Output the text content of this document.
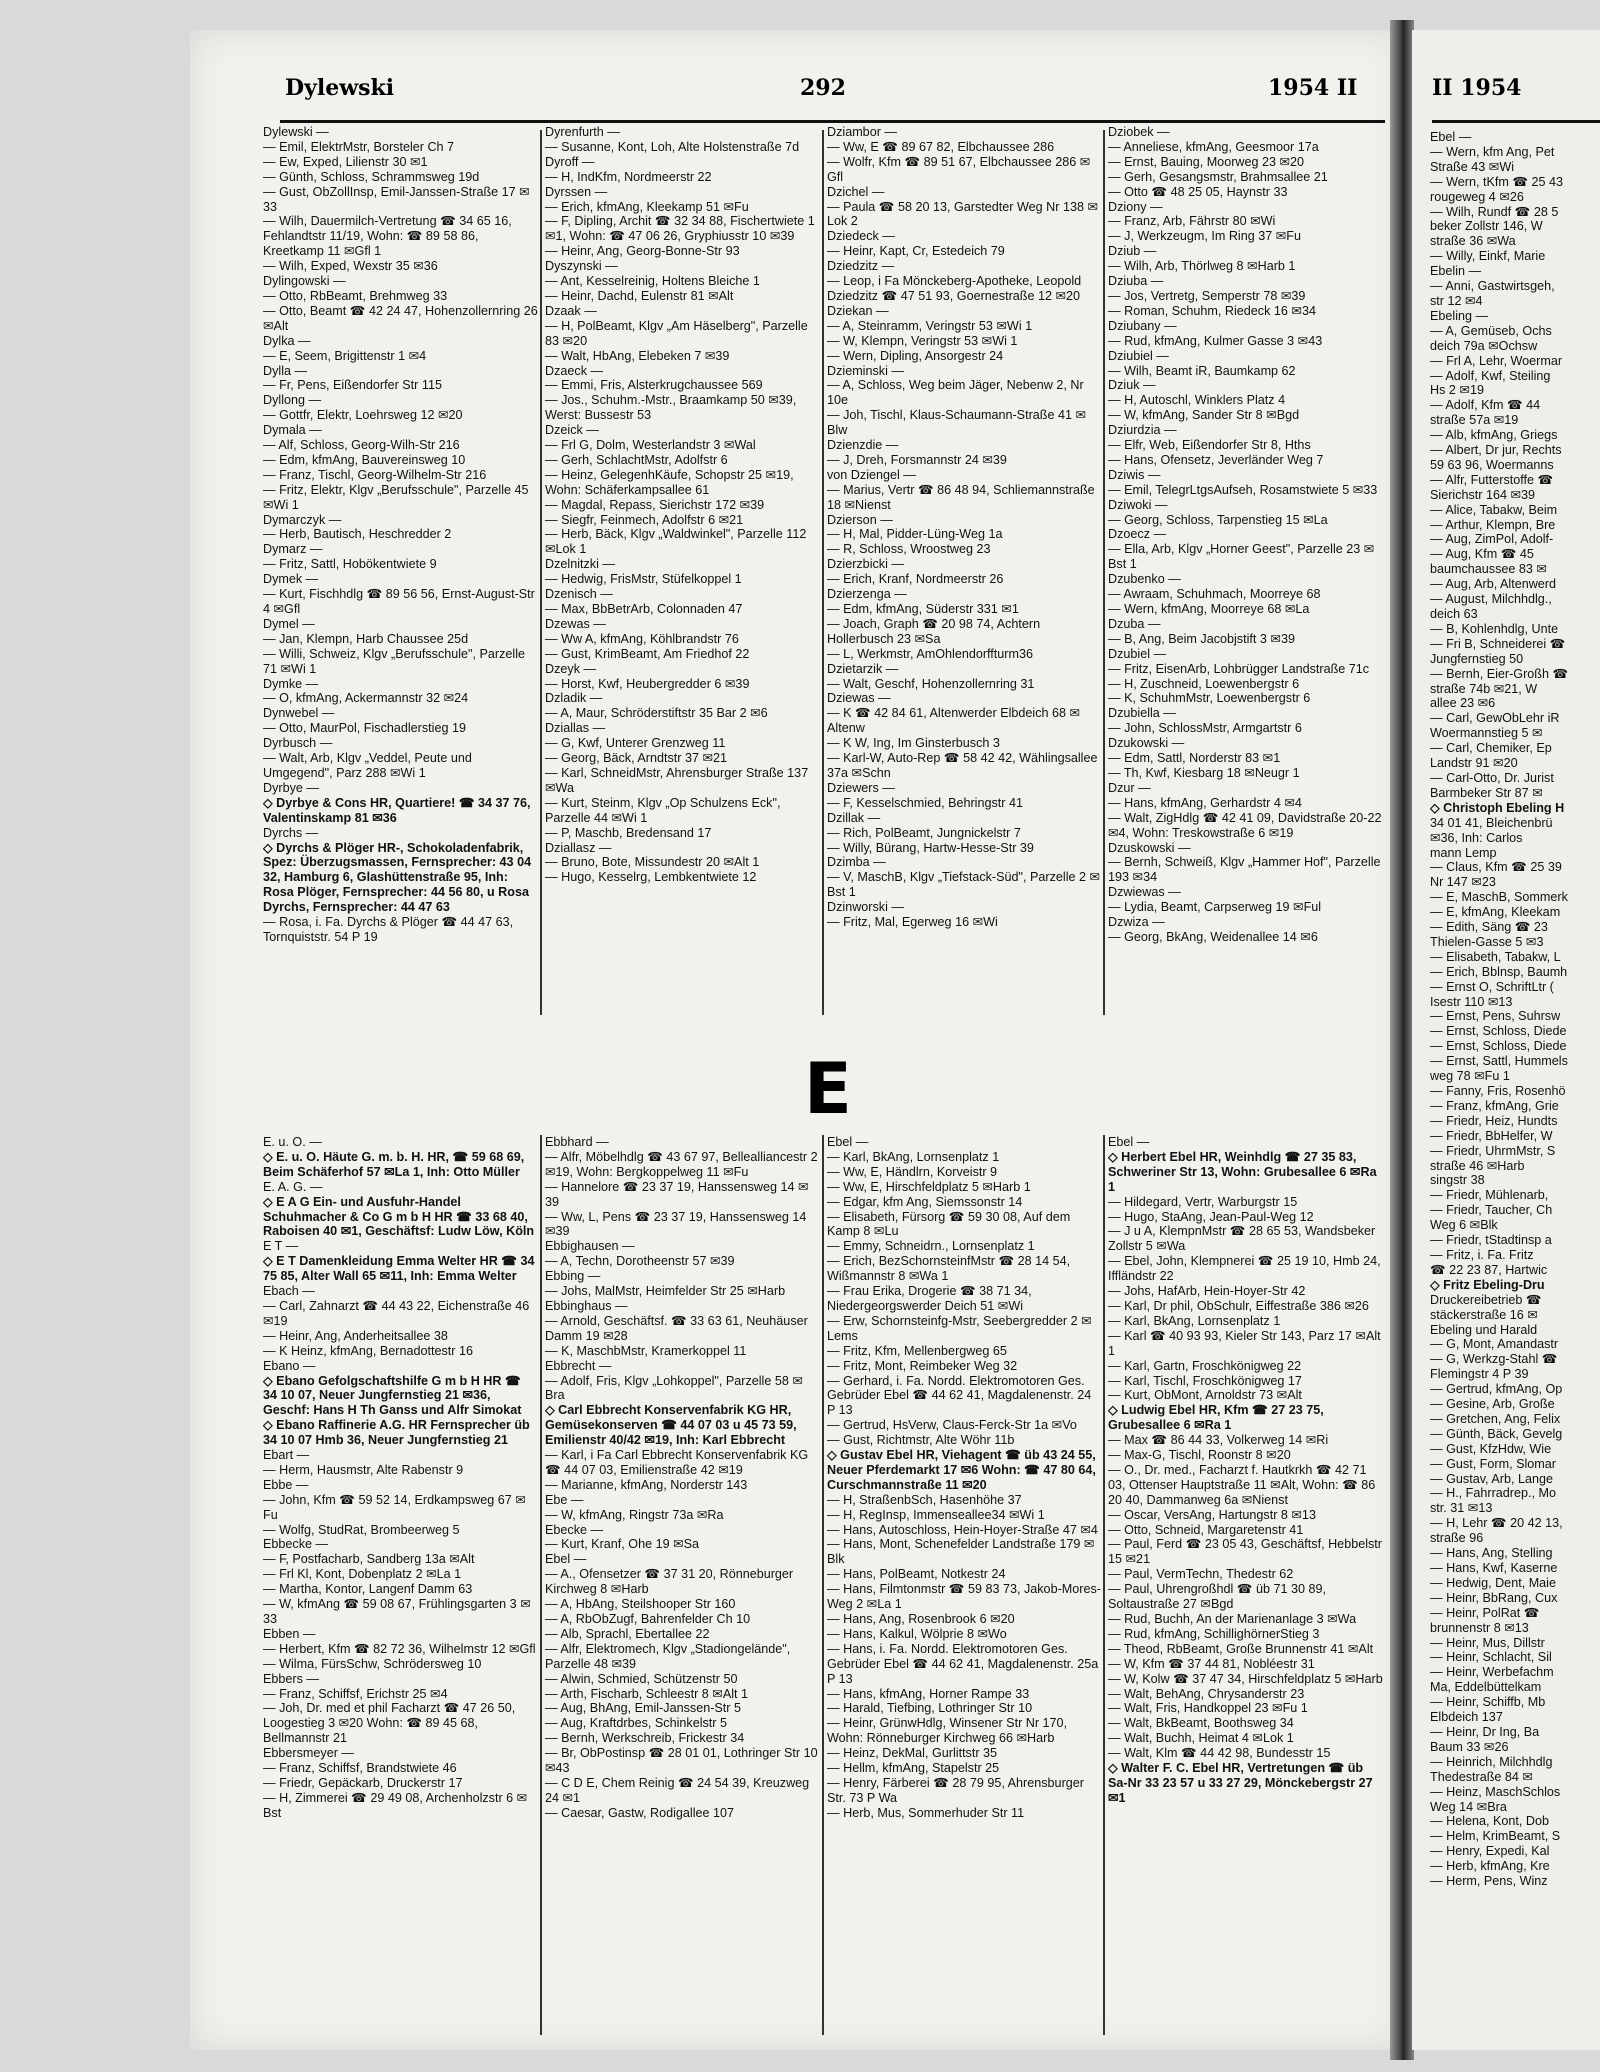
Dylewski	292	1954 II
Dylewski —
— Emil, ElektrMstr, Borsteler Ch 7
— Ew, Exped, Lilienstr 30 ✉1
— Günth, Schloss, Schrammsweg 19d
— Gust, ObZollInsp, Emil-Janssen-Straße 17 ✉33
— Wilh, Dauermilch-Vertretung ☎ 34 65 16, Fehlandtstr 11/19, Wohn: ☎ 89 58 86, Kreetkamp 11 ✉Gfl 1
— Wilh, Exped, Wexstr 35 ✉36
Dylingowski —
— Otto, RbBeamt, Brehmweg 33
— Otto, Beamt ☎ 42 24 47, Hohenzollernring 26 ✉Alt
Dylka —
— E, Seem, Brigittenstr 1 ✉4
Dylla —
— Fr, Pens, Eißendorfer Str 115
Dyllong —
— Gottfr, Elektr, Loehrsweg 12 ✉20
Dymala —
— Alf, Schloss, Georg-Wilh-Str 216
— Edm, kfmAng, Bauvereinsweg 10
— Franz, Tischl, Georg-Wilhelm-Str 216
— Fritz, Elektr, Klgv „Berufsschule", Parzelle 45 ✉Wi 1
Dymarczyk —
— Herb, Bautisch, Heschredder 2
Dymarz —
— Fritz, Sattl, Hobökentwiete 9
Dymek —
— Kurt, Fischhdlg ☎ 89 56 56, Ernst-August-Str 4 ✉Gfl
Dymel —
— Jan, Klempn, Harb Chaussee 25d
— Willi, Schweiz, Klgv „Berufsschule", Parzelle 71 ✉Wi 1
Dymke —
— O, kfmAng, Ackermannstr 32 ✉24
Dynwebel —
— Otto, MaurPol, Fischadlerstieg 19
Dyrbusch —
— Walt, Arb, Klgv „Veddel, Peute und Umgegend", Parz 288 ✉Wi 1
Dyrbye —
◇ Dyrbye & Cons HR, Quartiere! ☎ 34 37 76, Valentinskamp 81 ✉36
Dyrchs —
◇ Dyrchs & Plöger HR-, Schokoladenfabrik, Spez: Überzugsmassen, Fernsprecher: 43 04 32, Hamburg 6, Glashüttenstraße 95, Inh: Rosa Plöger, Fernsprecher: 44 56 80, u Rosa Dyrchs, Fernsprecher: 44 47 63
— Rosa, i. Fa. Dyrchs & Plöger ☎ 44 47 63, Tornquiststr. 54 P 19
Dyrenfurth —
— Susanne, Kont, Loh, Alte Holstenstraße 7d
Dyroff —
— H, IndKfm, Nordmeerstr 22
Dyrssen —
— Erich, kfmAng, Kleekamp 51 ✉Fu
— F, Dipling, Archit ☎ 32 34 88, Fischertwiete 1 ✉1, Wohn: ☎ 47 06 26, Gryphiusstr 10 ✉39
— Heinr, Ang, Georg-Bonne-Str 93
Dyszynski —
— Ant, Kesselreinig, Holtens Bleiche 1
— Heinr, Dachd, Eulenstr 81 ✉Alt
Dzaak —
— H, PolBeamt, Klgv „Am Häselberg", Parzelle 83 ✉20
— Walt, HbAng, Elebeken 7 ✉39
Dzaeck —
— Emmi, Fris, Alsterkrugchaussee 569
— Jos., Schuhm.-Mstr., Braamkamp 50 ✉39, Werst: Bussestr 53
Dzeick —
— Frl G, Dolm, Westerlandstr 3 ✉Wal
— Gerh, SchlachtMstr, Adolfstr 6
— Heinz, GelegenhKäufe, Schopstr 25 ✉19, Wohn: Schäferkampsallee 61
— Magdal, Repass, Sierichstr 172 ✉39
— Siegfr, Feinmech, Adolfstr 6 ✉21
— Herb, Bäck, Klgv „Waldwinkel", Parzelle 112 ✉Lok 1
Dzelnitzki —
— Hedwig, FrisMstr, Stüfelkoppel 1
Dzenisch —
— Max, BbBetrArb, Colonnaden 47
Dzewas —
— Ww A, kfmAng, Köhlbrandstr 76
— Gust, KrimBeamt, Am Friedhof 22
Dzeyk —
— Horst, Kwf, Heubergredder 6 ✉39
Dzladik —
— A, Maur, Schröderstiftstr 35 Bar 2 ✉6
Dziallas —
— G, Kwf, Unterer Grenzweg 11
— Georg, Bäck, Arndtstr 37 ✉21
— Karl, SchneidMstr, Ahrensburger Straße 137 ✉Wa
— Kurt, Steinm, Klgv „Op Schulzens Eck", Parzelle 44 ✉Wi 1
— P, Maschb, Bredensand 17
Dziallasz —
— Bruno, Bote, Missundestr 20 ✉Alt 1
— Hugo, Kesselrg, Lembkentwiete 12
Dziambor —
— Ww, E ☎ 89 67 82, Elbchaussee 286
— Wolfr, Kfm ☎ 89 51 67, Elbchaussee 286 ✉Gfl
Dzichel —
— Paula ☎ 58 20 13, Garstedter Weg Nr 138 ✉Lok 2
Dziedeck —
— Heinr, Kapt, Cr, Estedeich 79
Dziedzitz —
— Leop, i Fa Mönckeberg-Apotheke, Leopold Dziedzitz ☎ 47 51 93, Goernestraße 12 ✉20
Dziekan —
— A, Steinramm, Veringstr 53 ✉Wi 1
— W, Klempn, Veringstr 53 ✉Wi 1
— Wern, Dipling, Ansorgestr 24
Dzieminski —
— A, Schloss, Weg beim Jäger, Nebenw 2, Nr 10e
— Joh, Tischl, Klaus-Schaumann-Straße 41 ✉Blw
Dzienzdie —
— J, Dreh, Forsmannstr 24 ✉39
von Dziengel —
— Marius, Vertr ☎ 86 48 94, Schliemannstraße 18 ✉Nienst
Dzierson —
— H, Mal, Pidder-Lüng-Weg 1a
— R, Schloss, Wroostweg 23
Dzierzbicki —
— Erich, Kranf, Nordmeerstr 26
Dzierzenga —
— Edm, kfmAng, Süderstr 331 ✉1
— Joach, Graph ☎ 20 98 74, Achtern Hollerbusch 23 ✉Sa
— L, Werkmstr, AmOhlendorffturm36
Dzietarzik —
— Walt, Geschf, Hohenzollernring 31
Dziewas —
— K ☎ 42 84 61, Altenwerder Elbdeich 68 ✉Altenw
— K W, Ing, Im Ginsterbusch 3
— Karl-W, Auto-Rep ☎ 58 42 42, Wählingsallee 37a ✉Schn
Dziewers —
— F, Kesselschmied, Behringstr 41
Dzillak —
— Rich, PolBeamt, Jungnickelstr 7
— Willy, Bürang, Hartw-Hesse-Str 39
Dzimba —
— V, MaschB, Klgv „Tiefstack-Süd", Parzelle 2 ✉Bst 1
Dzinworski —
— Fritz, Mal, Egerweg 16 ✉Wi
Dziobek —
— Anneliese, kfmAng, Geesmoor 17a
— Ernst, Bauing, Moorweg 23 ✉20
— Gerh, Gesangsmstr, Brahmsallee 21
— Otto ☎ 48 25 05, Haynstr 33
Dziony —
— Franz, Arb, Fährstr 80 ✉Wi
— J, Werkzeugm, Im Ring 37 ✉Fu
Dziub —
— Wilh, Arb, Thörlweg 8 ✉Harb 1
Dziuba —
— Jos, Vertretg, Semperstr 78 ✉39
— Roman, Schuhm, Riedeck 16 ✉34
Dziubany —
— Rud, kfmAng, Kulmer Gasse 3 ✉43
Dziubiel —
— Wilh, Beamt iR, Baumkamp 62
Dziuk —
— H, Autoschl, Winklers Platz 4
— W, kfmAng, Sander Str 8 ✉Bgd
Dziurdzia —
— Elfr, Web, Eißendorfer Str 8, Hths
— Hans, Ofensetz, Jeverländer Weg 7
Dziwis —
— Emil, TelegrLtgsAufseh, Rosamstwiete 5 ✉33
Dziwoki —
— Georg, Schloss, Tarpenstieg 15 ✉La
Dzoecz —
— Ella, Arb, Klgv „Horner Geest", Parzelle 23 ✉Bst 1
Dzubenko —
— Awraam, Schuhmach, Moorreye 68
— Wern, kfmAng, Moorreye 68 ✉La
Dzuba —
— B, Ang, Beim Jacobjstift 3 ✉39
Dzubiel —
— Fritz, EisenArb, Lohbrügger Landstraße 71c
— H, Zuschneid, Loewenbergstr 6
— K, SchuhmMstr, Loewenbergstr 6
Dzubiella —
— John, SchlossMstr, Armgartstr 6
Dzukowski —
— Edm, Sattl, Norderstr 83 ✉1
— Th, Kwf, Kiesbarg 18 ✉Neugr 1
Dzur —
— Hans, kfmAng, Gerhardstr 4 ✉4
— Walt, ZigHdlg ☎ 42 41 09, Davidstraße 20-22 ✉4, Wohn: Treskowstraße 6 ✉19
Dzuskowski —
— Bernh, Schweiß, Klgv „Hammer Hof", Parzelle 193 ✉34
Dzwiewas —
— Lydia, Beamt, Carpserweg 19 ✉Ful
Dzwiza —
— Georg, BkAng, Weidenallee 14 ✉6
E
E. u. O. —
◇ E. u. O. Häute G. m. b. H. HR, ☎ 59 68 69, Beim Schäferhof 57 ✉La 1, Inh: Otto Müller
E. A. G. —
◇ E A G Ein- und Ausfuhr-Handel Schuhmacher & Co G m b H HR ☎ 33 68 40, Raboisen 40 ✉1, Geschäftsf: Ludw Löw, Köln
E T —
◇ E T Damenkleidung Emma Welter HR ☎ 34 75 85, Alter Wall 65 ✉11, Inh: Emma Welter
Ebach —
— Carl, Zahnarzt ☎ 44 43 22, Eichenstraße 46 ✉19
— Heinr, Ang, Anderheitsallee 38
— K Heinz, kfmAng, Bernadottestr 16
Ebano —
◇ Ebano Gefolgschaftshilfe G m b H HR ☎ 34 10 07, Neuer Jungfernstieg 21 ✉36, Geschf: Hans H Th Ganss und Alfr Simokat
◇ Ebano Raffinerie A.G. HR Fernsprecher üb 34 10 07 Hmb 36, Neuer Jungfernstieg 21
Ebart —
— Herm, Hausmstr, Alte Rabenstr 9
Ebbe —
— John, Kfm ☎ 59 52 14, Erdkampsweg 67 ✉Fu
— Wolfg, StudRat, Brombeerweg 5
Ebbecke —
— F, Postfacharb, Sandberg 13a ✉Alt
— Frl Kl, Kont, Dobenplatz 2 ✉La 1
— Martha, Kontor, Langenf Damm 63
— W, kfmAng ☎ 59 08 67, Frühlingsgarten 3 ✉33
Ebben —
— Herbert, Kfm ☎ 82 72 36, Wilhelmstr 12 ✉Gfl
— Wilma, FürsSchw, Schrödersweg 10
Ebbers —
— Franz, Schiffsf, Erichstr 25 ✉4
— Joh, Dr. med et phil Facharzt ☎ 47 26 50, Loogestieg 3 ✉20 Wohn: ☎ 89 45 68, Bellmannstr 21
Ebbersmeyer —
— Franz, Schiffsf, Brandstwiete 46
— Friedr, Gepäckarb, Druckerstr 17
— H, Zimmerei ☎ 29 49 08, Archenholzstr 6 ✉Bst
Ebbhard —
— Alfr, Möbelhdlg ☎ 43 67 97, Bellealliancestr 2 ✉19, Wohn: Bergkoppelweg 11 ✉Fu
— Hannelore ☎ 23 37 19, Hanssensweg 14 ✉39
— Ww, L, Pens ☎ 23 37 19, Hanssensweg 14 ✉39
Ebbighausen —
— A, Techn, Dorotheenstr 57 ✉39
Ebbing —
— Johs, MalMstr, Heimfelder Str 25 ✉Harb
Ebbinghaus —
— Arnold, Geschäftsf. ☎ 33 63 61, Neuhäuser Damm 19 ✉28
— K, MaschbMstr, Kramerkoppel 11
Ebbrecht —
— Adolf, Fris, Klgv „Lohkoppel", Parzelle 58 ✉Bra
◇ Carl Ebbrecht Konservenfabrik KG HR, Gemüsekonserven ☎ 44 07 03 u 45 73 59, Emilienstr 40/42 ✉19, Inh: Karl Ebbrecht
— Karl, i Fa Carl Ebbrecht Konservenfabrik KG ☎ 44 07 03, Emilienstraße 42 ✉19
— Marianne, kfmAng, Norderstr 143
Ebe —
— W, kfmAng, Ringstr 73a ✉Ra
Ebecke —
— Kurt, Kranf, Ohe 19 ✉Sa
Ebel —
— A., Ofensetzer ☎ 37 31 20, Rönneburger Kirchweg 8 ✉Harb
— A, HbAng, Steilshooper Str 160
— A, RbObZugf, Bahrenfelder Ch 10
— Alb, Sprachl, Ebertallee 22
— Alfr, Elektromech, Klgv „Stadiongelände", Parzelle 48 ✉39
— Alwin, Schmied, Schützenstr 50
— Arth, Fischarb, Schleestr 8 ✉Alt 1
— Aug, BhAng, Emil-Janssen-Str 5
— Aug, Kraftdrbes, Schinkelstr 5
— Bernh, Werkschreib, Frickestr 34
— Br, ObPostinsp ☎ 28 01 01, Lothringer Str 10 ✉43
— C D E, Chem Reinig ☎ 24 54 39, Kreuzweg 24 ✉1
— Caesar, Gastw, Rodigallee 107
Ebel —
— Karl, BkAng, Lornsenplatz 1
— Ww, E, Händlrn, Korveistr 9
— Ww, E, Hirschfeldplatz 5 ✉Harb 1
— Edgar, kfm Ang, Siemssonstr 14
— Elisabeth, Fürsorg ☎ 59 30 08, Auf dem Kamp 8 ✉Lu
— Emmy, Schneidrn., Lornsenplatz 1
— Erich, BezSchornsteinfMstr ☎ 28 14 54, Wißmannstr 8 ✉Wa 1
— Frau Erika, Drogerie ☎ 38 71 34, Niedergeorgswerder Deich 51 ✉Wi
— Erw, Schornsteinfg-Mstr, Seebergredder 2 ✉Lems
— Fritz, Kfm, Mellenbergweg 65
— Fritz, Mont, Reimbeker Weg 32
— Gerhard, i. Fa. Nordd. Elektromotoren Ges. Gebrüder Ebel ☎ 44 62 41, Magdalenenstr. 24 P 13
— Gertrud, HsVerw, Claus-Ferck-Str 1a ✉Vo
— Gust, Richtmstr, Alte Wöhr 11b
◇ Gustav Ebel HR, Viehagent ☎ üb 43 24 55, Neuer Pferdemarkt 17 ✉6 Wohn: ☎ 47 80 64, Curschmannstraße 11 ✉20
— H, StraßenbSch, Hasenhöhe 37
— H, RegInsp, Immenseallee34 ✉Wi 1
— Hans, Autoschloss, Hein-Hoyer-Straße 47 ✉4
— Hans, Mont, Schenefelder Landstraße 179 ✉Blk
— Hans, PolBeamt, Notkestr 24
— Hans, Filmtonmstr ☎ 59 83 73, Jakob-Mores-Weg 2 ✉La 1
— Hans, Ang, Rosenbrook 6 ✉20
— Hans, Kalkul, Wölprie 8 ✉Wo
— Hans, i. Fa. Nordd. Elektromotoren Ges. Gebrüder Ebel ☎ 44 62 41, Magdalenenstr. 25a P 13
— Hans, kfmAng, Horner Rampe 33
— Harald, Tiefbing, Lothringer Str 10
— Heinr, GrünwHdlg, Winsener Str Nr 170, Wohn: Rönneburger Kirchweg 66 ✉Harb
— Heinz, DekMal, Gurlittstr 35
— Hellm, kfmAng, Stapelstr 25
— Henry, Färberei ☎ 28 79 95, Ahrensburger Str. 73 P Wa
— Herb, Mus, Sommerhuder Str 11
Ebel —
◇ Herbert Ebel HR, Weinhdlg ☎ 27 35 83, Schweriner Str 13, Wohn: Grubesallee 6 ✉Ra 1
— Hildegard, Vertr, Warburgstr 15
— Hugo, StaAng, Jean-Paul-Weg 12
— J u A, KlempnMstr ☎ 28 65 53, Wandsbeker Zollstr 5 ✉Wa
— Ebel, John, Klempnerei ☎ 25 19 10, Hmb 24, Iffländstr 22
— Johs, HafArb, Hein-Hoyer-Str 42
— Karl, Dr phil, ObSchulr, Eiffestraße 386 ✉26
— Karl, BkAng, Lornsenplatz 1
— Karl ☎ 40 93 93, Kieler Str 143, Parz 17 ✉Alt 1
— Karl, Gartn, Froschkönigweg 22
— Karl, Tischl, Froschkönigweg 17
— Kurt, ObMont, Arnoldstr 73 ✉Alt
◇ Ludwig Ebel HR, Kfm ☎ 27 23 75, Grubesallee 6 ✉Ra 1
— Max ☎ 86 44 33, Volkerweg 14 ✉Ri
— Max-G, Tischl, Roonstr 8 ✉20
— O., Dr. med., Facharzt f. Hautkrkh ☎ 42 71 03, Ottenser Hauptstraße 11 ✉Alt, Wohn: ☎ 86 20 40, Dammanweg 6a ✉Nienst
— Oscar, VersAng, Hartungstr 8 ✉13
— Otto, Schneid, Margaretenstr 41
— Paul, Ferd ☎ 23 05 43, Geschäftsf, Hebbelstr 15 ✉21
— Paul, VermTechn, Thedestr 62
— Paul, Uhrengroßhdl ☎ üb 71 30 89, Soltaustraße 27 ✉Bgd
— Rud, Buchh, An der Marienanlage 3 ✉Wa
— Rud, kfmAng, SchillighörnerStieg 3
— Theod, RbBeamt, Große Brunnenstr 41 ✉Alt
— W, Kfm ☎ 37 44 81, Nobléestr 31
— W, Kolw ☎ 37 47 34, Hirschfeldplatz 5 ✉Harb
— Walt, BehAng, Chrysanderstr 23
— Walt, Fris, Handkoppel 23 ✉Fu 1
— Walt, BkBeamt, Boothsweg 34
— Walt, Buchh, Heimat 4 ✉Lok 1
— Walt, Klm ☎ 44 42 98, Bundesstr 15
◇ Walter F. C. Ebel HR, Vertretungen ☎ üb Sa-Nr 33 23 57 u 33 27 29, Mönckebergstr 27 ✉1
II 1954
Ebel —
— Wern, kfm Ang, Pet
Straße 43 ✉Wi
— Wern, tKfm ☎ 25 43
rougeweg 4 ✉26
— Wilh, Rundf ☎ 28 5
beker Zollstr 146, W
straße 36 ✉Wa
— Willy, Einkf, Marie
Ebelin —
— Anni, Gastwirtsgeh,
str 12 ✉4
Ebeling —
— A, Gemüseb, Ochs
deich 79a ✉Ochsw
— Frl A, Lehr, Woermar
— Adolf, Kwf, Steiling
Hs 2 ✉19
— Adolf, Kfm ☎ 44
straße 57a ✉19
— Alb, kfmAng, Griegs
— Albert, Dr jur, Rechts
59 63 96, Woermanns
— Alfr, Futterstoffe ☎
Sierichstr 164 ✉39
— Alice, Tabakw, Beim
— Arthur, Klempn, Bre
— Aug, ZimPol, Adolf-
— Aug, Kfm ☎ 45
baumchaussee 83 ✉
— Aug, Arb, Altenwerd
— August, Milchhdlg.,
deich 63
— B, Kohlenhdlg, Unte
— Fri B, Schneiderei ☎
Jungfernstieg 50
— Bernh, Eier-Großh ☎
straße 74b ✉21, W
allee 23 ✉6
— Carl, GewObLehr iR
Woermannstieg 5 ✉
— Carl, Chemiker, Ep
Landstr 91 ✉20
— Carl-Otto, Dr. Jurist
Barmbeker Str 87 ✉
◇ Christoph Ebeling H
34 01 41, Bleichenbrü
✉36, Inh: Carlos
mann Lemp
— Claus, Kfm ☎ 25 39
Nr 147 ✉23
— E, MaschB, Sommerk
— E, kfmAng, Kleekam
— Edith, Säng ☎ 23
Thielen-Gasse 5 ✉3
— Elisabeth, Tabakw, L
— Erich, Bblnsp, Baumh
— Ernst O, SchriftLtr (
Isestr 110 ✉13
— Ernst, Pens, Suhrsw
— Ernst, Schloss, Diede
— Ernst, Schloss, Diede
— Ernst, Sattl, Hummels
weg 78 ✉Fu 1
— Fanny, Fris, Rosenhö
— Franz, kfmAng, Grie
— Friedr, Heiz, Hundts
— Friedr, BbHelfer, W
— Friedr, UhrmMstr, S
straße 46 ✉Harb
singstr 38
— Friedr, Mühlenarb,
— Friedr, Taucher, Ch
Weg 6 ✉Blk
— Friedr, tStadtinsp a
— Fritz, i. Fa. Fritz
☎ 22 23 87, Hartwic
◇ Fritz Ebeling-Dru
Druckereibetrieb ☎
stäckerstraße 16 ✉
Ebeling und Harald
— G, Mont, Amandastr
— G, Werkzg-Stahl ☎
Flemingstr 4 P 39
— Gertrud, kfmAng, Op
— Gesine, Arb, Große
— Gretchen, Ang, Felix
— Günth, Bäck, Gevelg
— Gust, KfzHdw, Wie
— Gust, Form, Slomar
— Gustav, Arb, Lange
— H., Fahrradrep., Mo
str. 31 ✉13
— H, Lehr ☎ 20 42 13,
straße 96
— Hans, Ang, Stelling
— Hans, Kwf, Kaserne
— Hedwig, Dent, Maie
— Heinr, BbRang, Cux
— Heinr, PolRat ☎
brunnenstr 8 ✉13
— Heinr, Mus, Dillstr
— Heinr, Schlacht, Sil
— Heinr, Werbefachm
Ma, Eddelbüttelkam
— Heinr, Schiffb, Mb
Elbdeich 137
— Heinr, Dr Ing, Ba
Baum 33 ✉26
— Heinrich, Milchhdlg
Thedestraße 84 ✉
— Heinz, MaschSchlos
Weg 14 ✉Bra
— Helena, Kont, Dob
— Helm, KrimBeamt, S
— Henry, Expedi, Kal
— Herb, kfmAng, Kre
— Herm, Pens, Winz
